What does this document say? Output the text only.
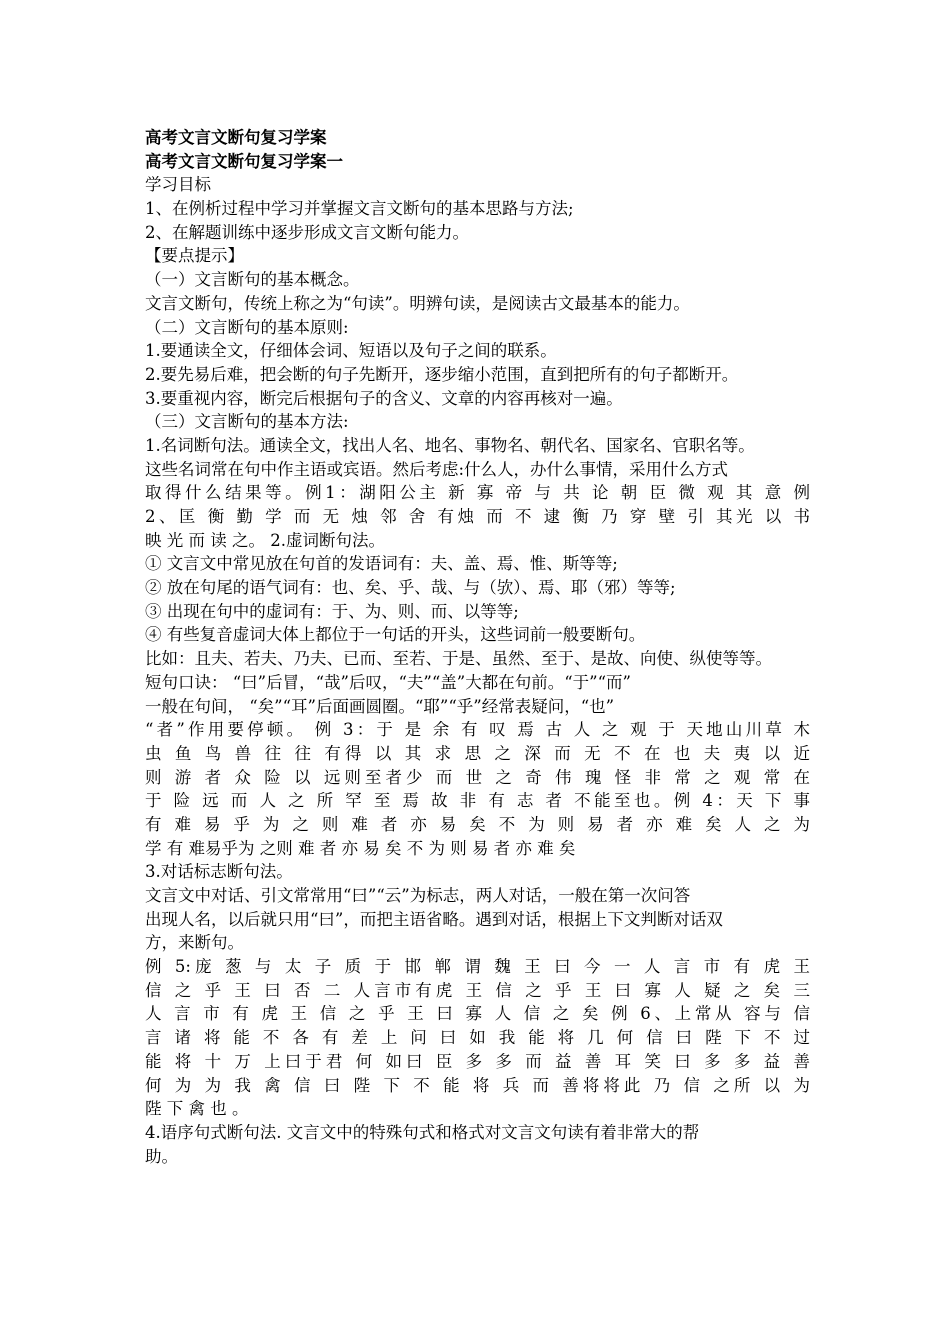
高考文言文断句复习学案
高考文言文断句复习学案一
学习目标
1、在例析过程中学习并掌握文言文断句的基本思路与方法;
2、在解题训练中逐步形成文言文断句能力。
【要点提示】
（一）文言断句的基本概念。
文言文断句，传统上称之为“句读”。明辨句读，是阅读古文最基本的能力。
（二）文言断句的基本原则:
1.要通读全文，仔细体会词、短语以及句子之间的联系。
2.要先易后难，把会断的句子先断开，逐步缩小范围，直到把所有的句子都断开。
3.要重视内容，断完后根据句子的含义、文章的内容再核对一遍。
（三）文言断句的基本方法:
1.名词断句法。通读全文，找出人名、地名、事物名、朝代名、国家名、官职名等。
这些名词常在句中作主语或宾语。然后考虑:什么人，办什么事情，采用什么方式
取得什么结果等。例1：湖阳公主 新 寡 帝 与 共 论 朝 臣 微 观 其 意 例
2、匡 衡 勤 学 而 无 烛 邻 舍 有烛 而 不 逮 衡 乃 穿 壁 引 其光 以 书
映 光 而 读 之。 2.虚词断句法。
① 文言文中常见放在句首的发语词有：夫、盖、焉、惟、斯等等;
② 放在句尾的语气词有：也、矣、乎、哉、与（欤）、焉、耶（邪）等等;
③ 出现在句中的虚词有：于、为、则、而、以等等;
④ 有些复音虚词大体上都位于一句话的开头，这些词前一般要断句。
比如：且夫、若夫、乃夫、已而、至若、于是、虽然、至于、是故、向使、纵使等等。
短句口诀： “曰”后冒，“哉”后叹，“夫”“盖”大都在句前。“于”“而”
一般在句间， “矣”“耳”后面画圆圈。“耶”“乎”经常表疑问，“也”
“者”作用要停顿。 例 3：于 是 余 有 叹 焉 古 人 之 观 于 天地山川草 木
虫 鱼 鸟 兽 往 往 有得 以 其 求 思 之 深 而 无 不 在 也 夫 夷 以 近
则 游 者 众 险 以 远则至者少 而 世 之 奇 伟 瑰 怪 非 常 之 观 常 在
于 险 远 而 人 之 所 罕 至 焉 故 非 有 志 者 不能至也。例 4：天 下 事
有 难 易 乎 为 之 则 难 者 亦 易 矣 不 为 则 易 者 亦 难 矣 人 之 为
学 有 难易乎为 之则 难 者 亦 易 矣 不 为 则 易 者 亦 难 矣
3.对话标志断句法。
文言文中对话、引文常常用“曰”“云”为标志，两人对话，一般在第一次问答
出现人名，以后就只用“曰”，而把主语省略。遇到对话，根据上下文判断对话双
方，来断句。
例 5:庞 葱 与 太 子 质 于 邯 郸 谓 魏 王 曰 今 一 人 言 市 有 虎 王
信 之 乎 王 曰 否 二 人言市有虎 王 信 之 乎 王 曰 寡 人 疑 之 矣 三
人 言 市 有 虎 王 信 之 乎 王 曰 寡 人 信 之 矣 例 6、上常从 容与 信
言 诸 将 能 不 各 有 差 上 问 曰 如 我 能 将 几 何 信 曰 陛 下 不 过
能 将 十 万 上曰于君 何 如曰 臣 多 多 而 益 善 耳 笑 曰 多 多 益 善
何 为 为 我 禽 信 曰 陛 下 不 能 将 兵 而 善将将此 乃 信 之所 以 为
陛 下 禽 也 。
4.语序句式断句法. 文言文中的特殊句式和格式对文言文句读有着非常大的帮
助。
